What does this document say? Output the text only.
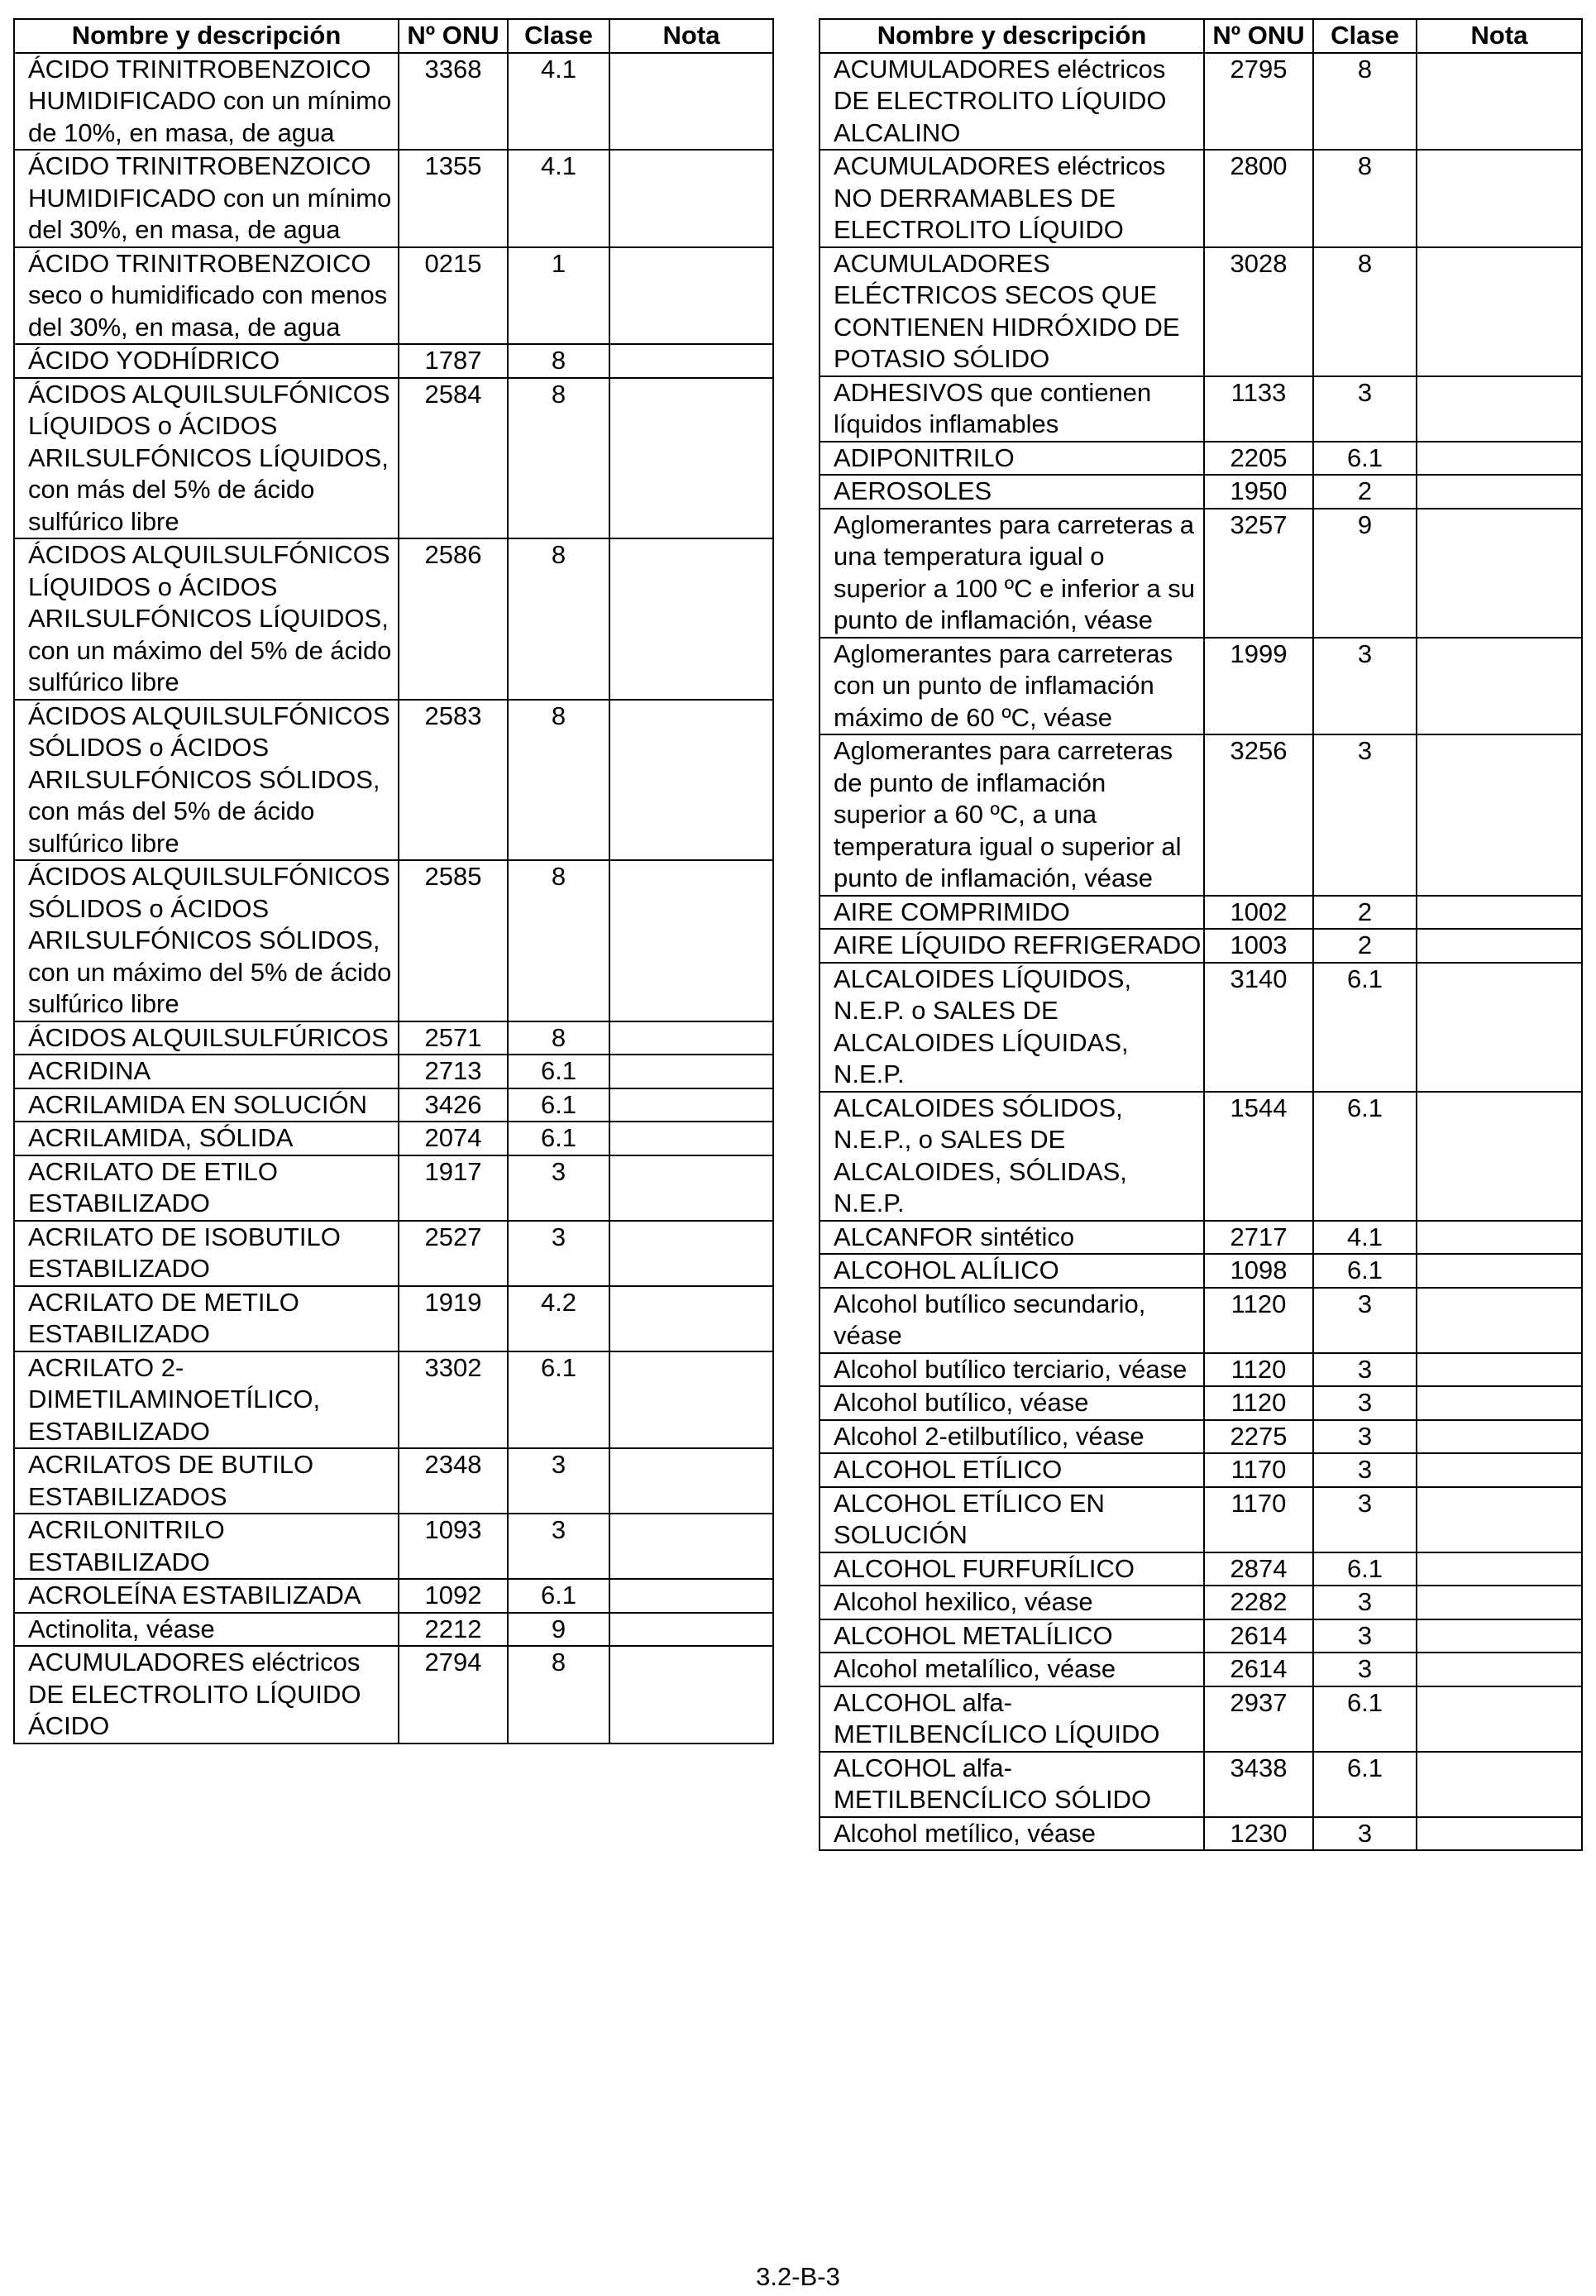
Nombre y descripción	Nº ONU	Clase	Nota
ÁCIDO TRINITROBENZOICO HUMIDIFICADO con un mínimo de 10%, en masa, de agua	3368	4.1	
ÁCIDO TRINITROBENZOICO HUMIDIFICADO con un mínimo del 30%, en masa, de agua	1355	4.1	
ÁCIDO TRINITROBENZOICO seco o humidificado con menos del 30%, en masa, de agua	0215	1	
ÁCIDO YODHÍDRICO	1787	8	
ÁCIDOS ALQUILSULFÓNICOS LÍQUIDOS o ÁCIDOS ARILSULFÓNICOS LÍQUIDOS, con más del 5% de ácido sulfúrico libre	2584	8	
ÁCIDOS ALQUILSULFÓNICOS LÍQUIDOS o ÁCIDOS ARILSULFÓNICOS LÍQUIDOS, con un máximo del 5% de ácido sulfúrico libre	2586	8	
ÁCIDOS ALQUILSULFÓNICOS SÓLIDOS o ÁCIDOS ARILSULFÓNICOS SÓLIDOS, con más del 5% de ácido sulfúrico libre	2583	8	
ÁCIDOS ALQUILSULFÓNICOS SÓLIDOS o ÁCIDOS ARILSULFÓNICOS SÓLIDOS, con un máximo del 5% de ácido sulfúrico libre	2585	8	
ÁCIDOS ALQUILSULFÚRICOS	2571	8	
ACRIDINA	2713	6.1	
ACRILAMIDA EN SOLUCIÓN	3426	6.1	
ACRILAMIDA, SÓLIDA	2074	6.1	
ACRILATO DE ETILO ESTABILIZADO	1917	3	
ACRILATO DE ISOBUTILO ESTABILIZADO	2527	3	
ACRILATO DE METILO ESTABILIZADO	1919	4.2	
ACRILATO 2-DIMETILAMINOETÍLICO, ESTABILIZADO	3302	6.1	
ACRILATOS DE BUTILO ESTABILIZADOS	2348	3	
ACRILONITRILO ESTABILIZADO	1093	3	
ACROLEÍNA ESTABILIZADA	1092	6.1	
Actinolita, véase	2212	9	
ACUMULADORES eléctricos DE ELECTROLITO LÍQUIDO ÁCIDO	2794	8	
Nombre y descripción	Nº ONU	Clase	Nota
ACUMULADORES eléctricos DE ELECTROLITO LÍQUIDO ALCALINO	2795	8	
ACUMULADORES eléctricos NO DERRAMABLES DE ELECTROLITO LÍQUIDO	2800	8	
ACUMULADORES ELÉCTRICOS SECOS QUE CONTIENEN HIDRÓXIDO DE POTASIO SÓLIDO	3028	8	
ADHESIVOS que contienen líquidos inflamables	1133	3	
ADIPONITRILO	2205	6.1	
AEROSOLES	1950	2	
Aglomerantes para carreteras a una temperatura igual o superior a 100 ºC e inferior a su punto de inflamación, véase	3257	9	
Aglomerantes para carreteras con un punto de inflamación máximo de 60 ºC, véase	1999	3	
Aglomerantes para carreteras de punto de inflamación superior a 60 ºC, a una temperatura igual o superior al punto de inflamación, véase	3256	3	
AIRE COMPRIMIDO	1002	2	
AIRE LÍQUIDO REFRIGERADO	1003	2	
ALCALOIDES LÍQUIDOS, N.E.P. o SALES DE ALCALOIDES LÍQUIDAS, N.E.P.	3140	6.1	
ALCALOIDES SÓLIDOS, N.E.P., o SALES DE ALCALOIDES, SÓLIDAS, N.E.P.	1544	6.1	
ALCANFOR sintético	2717	4.1	
ALCOHOL ALÍLICO	1098	6.1	
Alcohol butílico secundario, véase	1120	3	
Alcohol butílico terciario, véase	1120	3	
Alcohol butílico, véase	1120	3	
Alcohol 2-etilbutílico, véase	2275	3	
ALCOHOL ETÍLICO	1170	3	
ALCOHOL ETÍLICO EN SOLUCIÓN	1170	3	
ALCOHOL FURFURÍLICO	2874	6.1	
Alcohol hexilico, véase	2282	3	
ALCOHOL METALÍLICO	2614	3	
Alcohol metalílico, véase	2614	3	
ALCOHOL alfa-METILBENCÍLICO LÍQUIDO	2937	6.1	
ALCOHOL alfa-METILBENCÍLICO SÓLIDO	3438	6.1	
Alcohol metílico, véase	1230	3	
3.2-B-3
